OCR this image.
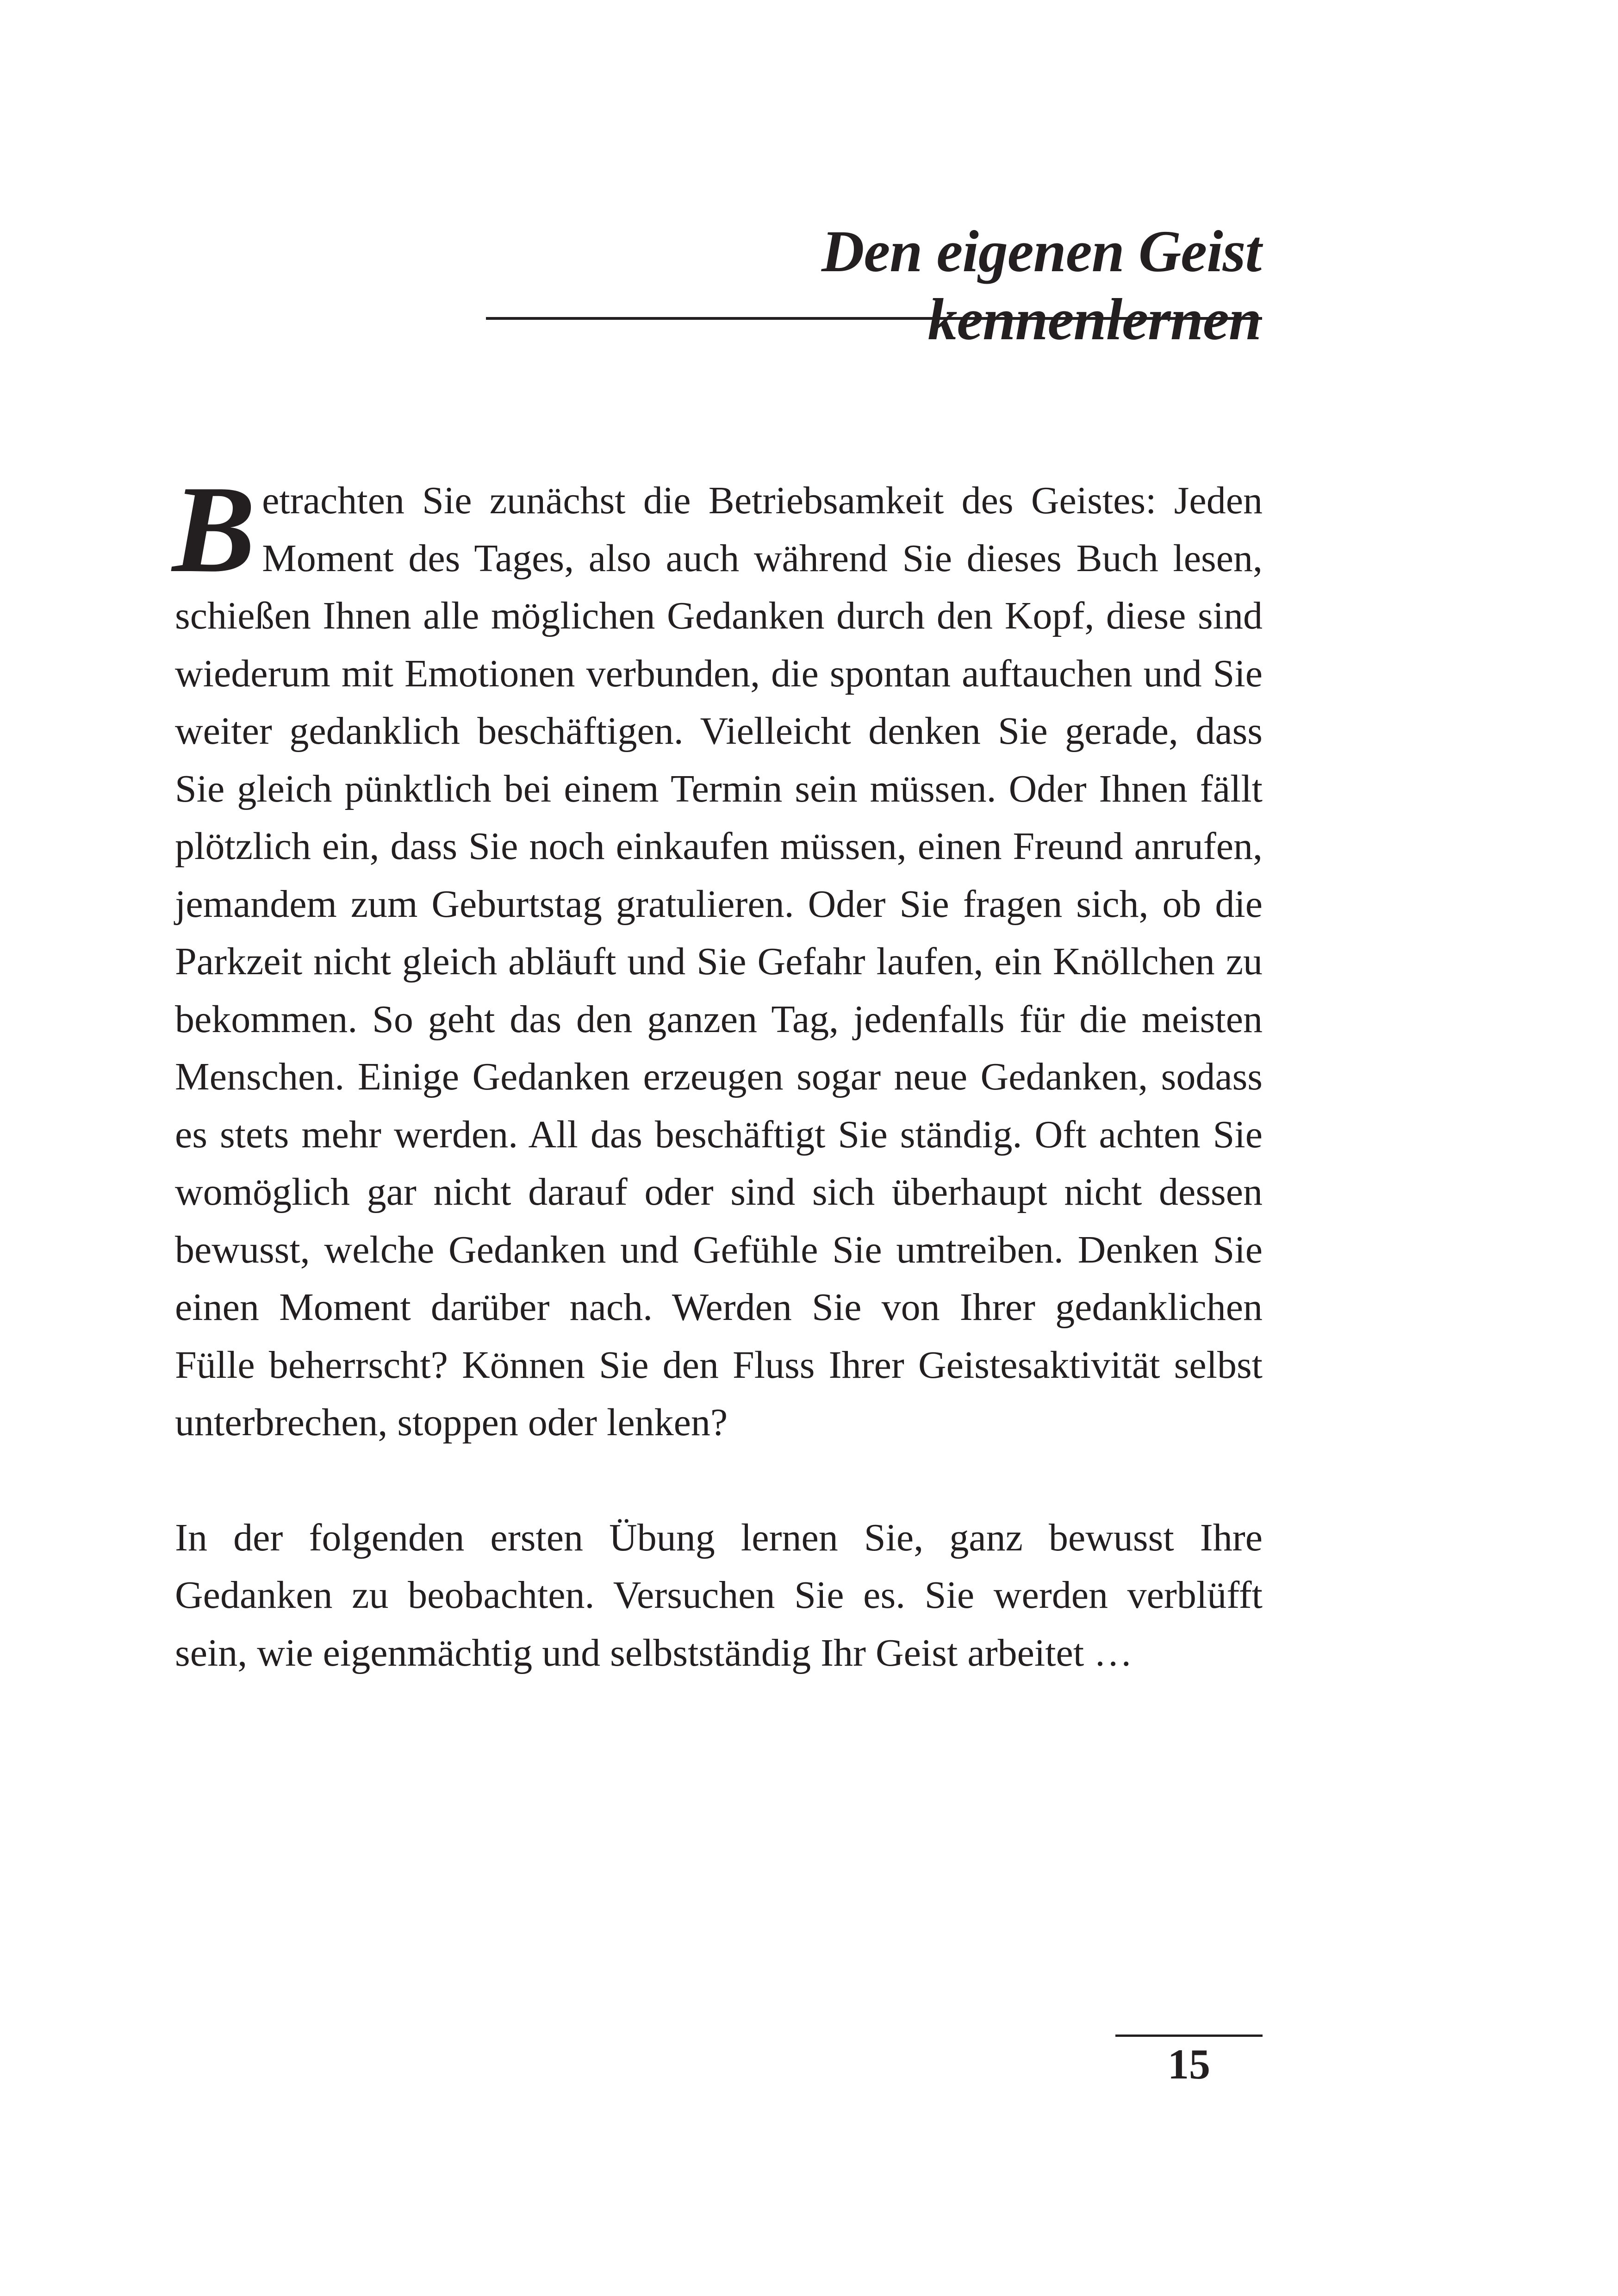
Den eigenen Geist kennenlernen

Betrachten Sie zunächst die Betriebsamkeit des Geistes: Jeden Moment des Tages, also auch während Sie dieses Buch lesen, schießen Ihnen alle möglichen Gedanken durch den Kopf, diese sind wiederum mit Emotionen verbunden, die spontan auftauchen und Sie weiter gedanklich beschäftigen. Vielleicht denken Sie gerade, dass Sie gleich pünktlich bei einem Termin sein müssen. Oder Ihnen fällt plötzlich ein, dass Sie noch einkaufen müssen, einen Freund anrufen, jemandem zum Geburtstag gratulieren. Oder Sie fragen sich, ob die Parkzeit nicht gleich abläuft und Sie Gefahr laufen, ein Knöllchen zu bekommen. So geht das den ganzen Tag, jedenfalls für die meisten Menschen. Einige Gedanken erzeugen sogar neue Gedanken, sodass es stets mehr werden. All das beschäftigt Sie ständig. Oft achten Sie womöglich gar nicht darauf oder sind sich überhaupt nicht dessen bewusst, welche Gedanken und Gefühle Sie umtreiben. Denken Sie einen Moment darüber nach. Werden Sie von Ihrer gedanklichen Fülle beherrscht? Können Sie den Fluss Ihrer Geistesaktivität selbst unterbrechen, stoppen oder lenken?

In der folgenden ersten Übung lernen Sie, ganz bewusst Ihre Gedanken zu beobachten. Versuchen Sie es. Sie werden verblüfft sein, wie eigenmächtig und selbstständig Ihr Geist arbeitet …

15
